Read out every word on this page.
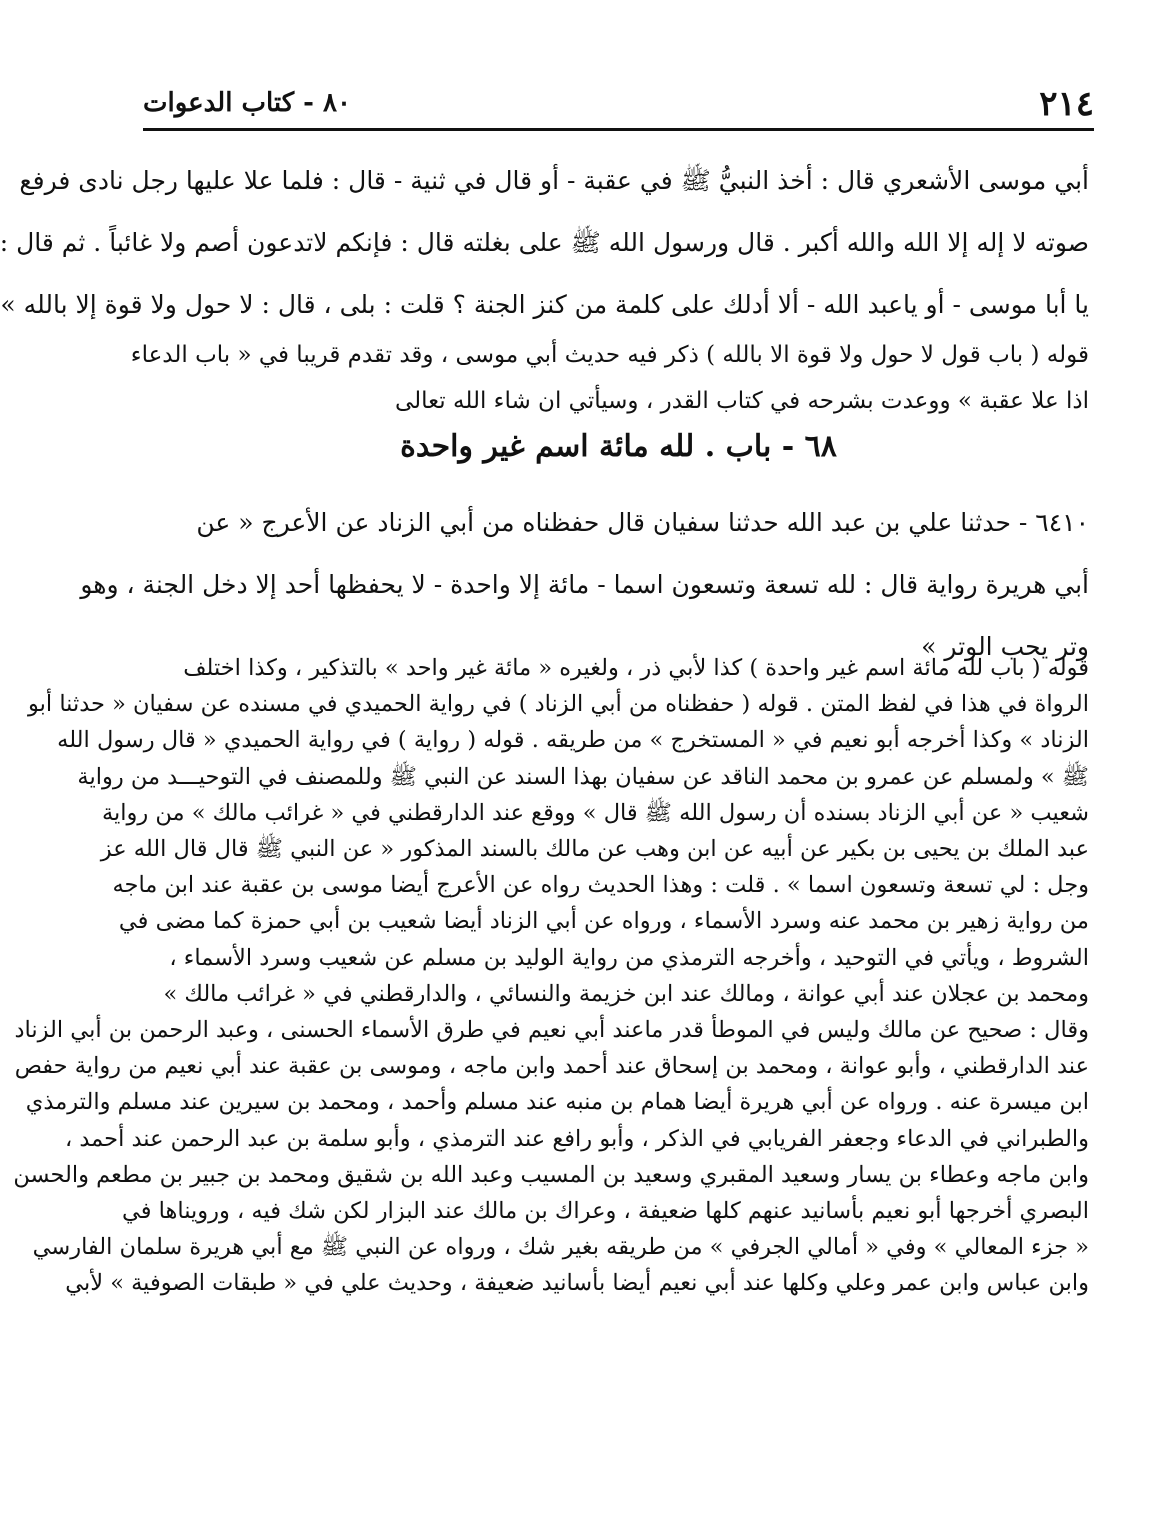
٢١٤
٨٠ - كتاب الدعوات
أبي موسى الأشعري قال : أخذ النبيُّ ﷺ في عقبة - أو قال في ثنية - قال : فلما علا عليها رجل نادى فرفع
صوته لا إله إلا الله والله أكبر . قال ورسول الله ﷺ على بغلته قال : فإنكم لاتدعون أصم ولا غائباً . ثم قال :
يا أبا موسى - أو ياعبد الله - ألا أدلك على كلمة من كنز الجنة ؟ قلت : بلى ، قال : لا حول ولا قوة إلا بالله »
قوله ( باب قول لا حول ولا قوة الا بالله ) ذكر فيه حديث أبي موسى ، وقد تقدم قريبا في « باب الدعاء
اذا علا عقبة » ووعدت بشرحه في كتاب القدر ، وسيأتي ان شاء الله تعالى
٦٨ - باب . لله مائة اسم غير واحدة
٦٤١٠ - حدثنا علي بن عبد الله حدثنا سفيان قال حفظناه من أبي الزناد عن الأعرج « عن
أبي هريرة رواية قال : لله تسعة وتسعون اسما - مائة إلا واحدة - لا يحفظها أحد إلا دخل الجنة ، وهو
وتر يحب الوتر »
قوله ( باب لله مائة اسم غير واحدة ) كذا لأبي ذر ، ولغيره « مائة غير واحد » بالتذكير ، وكذا اختلف
الرواة في هذا في لفظ المتن . قوله ( حفظناه من أبي الزناد ) في رواية الحميدي في مسنده عن سفيان « حدثنا أبو
الزناد » وكذا أخرجه أبو نعيم في « المستخرج » من طريقه . قوله ( رواية ) في رواية الحميدي « قال رسول الله
ﷺ » ولمسلم عن عمرو بن محمد الناقد عن سفيان بهذا السند عن النبي ﷺ وللمصنف في التوحيـــد من رواية
شعيب « عن أبي الزناد بسنده أن رسول الله ﷺ قال » ووقع عند الدارقطني في « غرائب مالك » من رواية
عبد الملك بن يحيى بن بكير عن أبيه عن ابن وهب عن مالك بالسند المذكور « عن النبي ﷺ قال قال الله عز
وجل : لي تسعة وتسعون اسما » . قلت : وهذا الحديث رواه عن الأعرج أيضا موسى بن عقبة عند ابن ماجه
من رواية زهير بن محمد عنه وسرد الأسماء ، ورواه عن أبي الزناد أيضا شعيب بن أبي حمزة كما مضى في
الشروط ، ويأتي في التوحيد ، وأخرجه الترمذي من رواية الوليد بن مسلم عن شعيب وسرد الأسماء ،
ومحمد بن عجلان عند أبي عوانة ، ومالك عند ابن خزيمة والنسائي ، والدارقطني في « غرائب مالك »
وقال : صحيح عن مالك وليس في الموطأ قدر ماعند أبي نعيم في طرق الأسماء الحسنى ، وعبد الرحمن بن أبي الزناد
عند الدارقطني ، وأبو عوانة ، ومحمد بن إسحاق عند أحمد وابن ماجه ، وموسى بن عقبة عند أبي نعيم من رواية حفص
ابن ميسرة عنه . ورواه عن أبي هريرة أيضا همام بن منبه عند مسلم وأحمد ، ومحمد بن سيرين عند مسلم والترمذي
والطبراني في الدعاء وجعفر الفريابي في الذكر ، وأبو رافع عند الترمذي ، وأبو سلمة بن عبد الرحمن عند أحمد ،
وابن ماجه وعطاء بن يسار وسعيد المقبري وسعيد بن المسيب وعبد الله بن شقيق ومحمد بن جبير بن مطعم والحسن
البصري أخرجها أبو نعيم بأسانيد عنهم كلها ضعيفة ، وعراك بن مالك عند البزار لكن شك فيه ، ورويناها في
« جزء المعالي » وفي « أمالي الجرفي » من طريقه بغير شك ، ورواه عن النبي ﷺ مع أبي هريرة سلمان الفارسي
وابن عباس وابن عمر وعلي وكلها عند أبي نعيم أيضا بأسانيد ضعيفة ، وحديث علي في « طبقات الصوفية » لأبي
